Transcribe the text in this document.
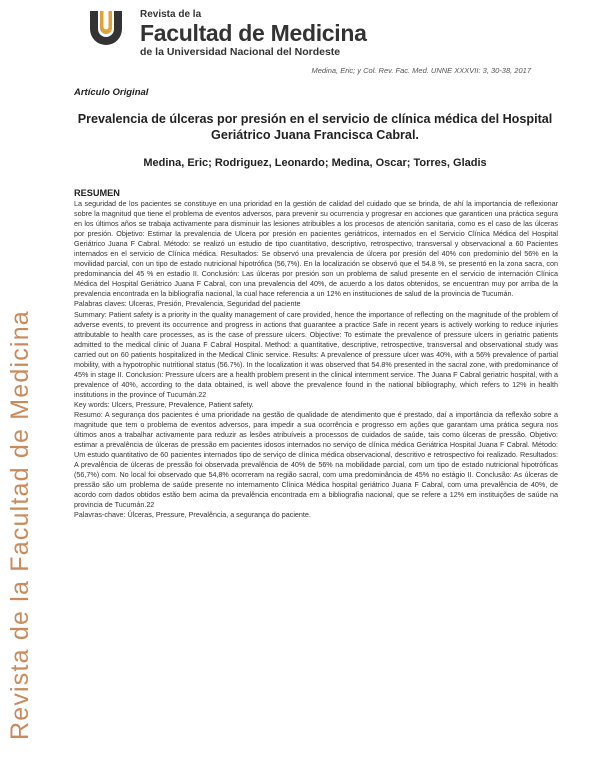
Revista de la Facultad de Medicina
Revista de la
Facultad de Medicina
de la Universidad Nacional del Nordeste
Medina, Eric; y Col. Rev. Fac. Med. UNNE XXXVII: 3, 30-38, 2017
Artículo Original
Prevalencia de úlceras por presión en el servicio de clínica médica del Hospital Geriátrico Juana Francisca Cabral.
Medina, Eric; Rodriguez, Leonardo; Medina, Oscar; Torres, Gladis
RESUMEN

La seguridad de los pacientes se constituye en una prioridad en la gestión de calidad del cuidado que se brinda, de ahí la importancia de reflexionar sobre la magnitud que tiene el problema de eventos adversos, para prevenir su ocurrencia y progresar en acciones que garanticen una práctica segura en los últimos años se trabaja activamente para disminuir las lesiones atribuibles a los procesos de atención sanitaria, como es el caso de las úlceras por presión. Objetivo: Estimar la prevalencia de Ulcera por presión en pacientes geriátricos, internados en el Servicio Clínica Médica del Hospital Geriátrico Juana F Cabral. Método: se realizó un estudio de tipo cuantitativo, descriptivo, retrospectivo, transversal y observacional a 60 Pacientes internados en el servicio de Clínica médica. Resultados: Se observó una prevalencia de úlcera por presión del 40% con predominio del 56% en la movilidad parcial, con un tipo de estado nutricional hipotrófica (56,7%). En la localización se observó que el 54.8 %, se presentó en la zona sacra, con predominancia del 45 % en estadio II. Conclusión: Las úlceras por presión son un problema de salud presente en el servicio de internación Clínica Médica del Hospital Geriátrico Juana F Cabral, con una prevalencia del 40%, de acuerdo a los datos obtenidos, se encuentran muy por arriba de la prevalencia encontrada en la bibliografía nacional, la cual hace referencia a un 12% en instituciones de salud de la provincia de Tucumán.

Palabras claves: Ulceras, Presión, Prevalencia, Seguridad del paciente

Summary: Patient safety is a priority in the quality management of care provided, hence the importance of reflecting on the magnitude of the problem of adverse events, to prevent its occurrence and progress in actions that guarantee a practice Safe in recent years is actively working to reduce injuries attributable to health care processes, as is the case of pressure ulcers. Objective: To estimate the prevalence of pressure ulcers in geriatric patients admitted to the medical clinic of Juana F Cabral Hospital. Method: a quantitative, descriptive, retrospective, transversal and observational study was carried out on 60 patients hospitalized in the Medical Clinic service. Results: A prevalence of pressure ulcer was 40%, with a 56% prevalence of partial mobility, with a hypotrophic nutritional status (56.7%). In the localization it was observed that 54.8% presented in the sacral zone, with predominance of 45% in stage II. Conclusion: Pressure ulcers are a health problem present in the clinical internment service. The Juana F Cabral geriatric hospital, with a prevalence of 40%, according to the data obtained, is well above the prevalence found in the national bibliography, which refers to 12% in health institutions in the province of Tucumán.22

Key words: Ulcers, Pressure, Prevalence, Patient safety.

Resumo: A segurança dos pacientes é uma prioridade na gestão de qualidade de atendimento que é prestado, daí a importância da reflexão sobre a magnitude que tem o problema de eventos adversos, para impedir a sua ocorrência e progresso em ações que garantam uma prática segura nos últimos anos a trabalhar activamente para reduzir as lesões atribuíveis a processos de cuidados de saúde, tais como úlceras de pressão. Objetivo: estimar a prevalência de úlceras de pressão em pacientes idosos internados no serviço de clínica médica Geriátrica Hospital Juana F Cabral. Método: Um estudo quantitativo de 60 pacientes internados tipo de serviço de clínica médica observacional, descritivo e retrospectivo foi realizado. Resultados: A prevalência de úlceras de pressão foi observada prevalência de 40% de 56% na mobilidade parcial, com um tipo de estado nutricional hipotróficas (56,7%) com. No local foi observado que 54,8% ocorreram na região sacral, com uma predominância de 45% no estágio II. Conclusão: As úlceras de pressão são um problema de saúde presente no internamento Clínica Médica hospital geriátrico Juana F Cabral, com uma prevalência de 40%, de acordo com dados obtidos estão bem acima da prevalência encontrada em a bibliografia nacional, que se refere a 12% em instituições de saúde na provincia de Tucumán.22

Palavras-chave: Úlceras, Pressure, Prevalência, a segurança do paciente.
